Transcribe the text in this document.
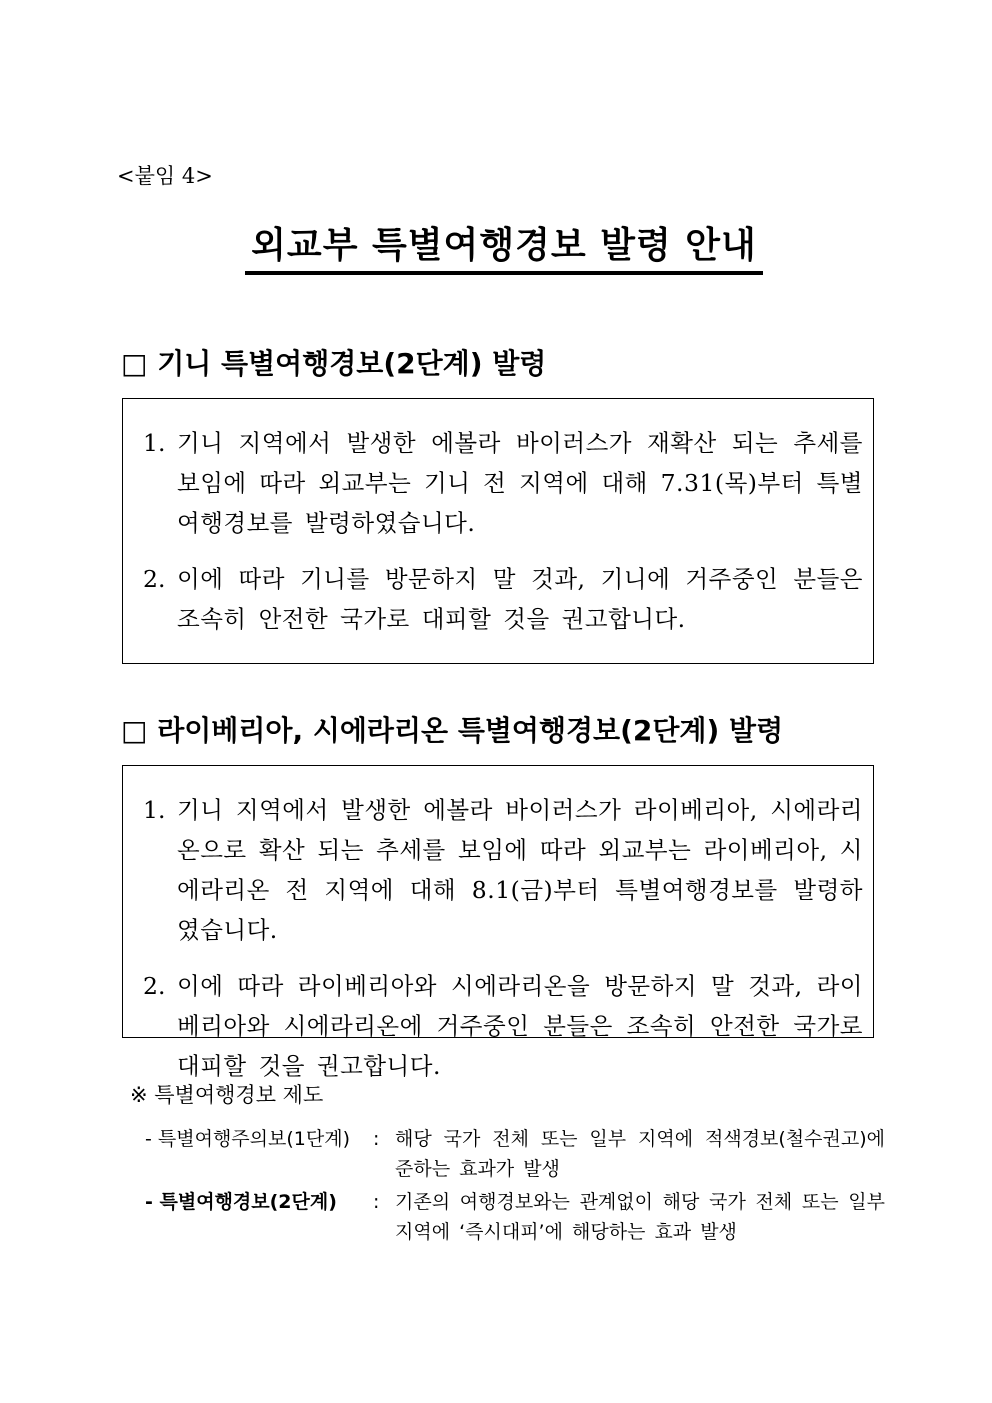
<붙임 4>
외교부 특별여행경보 발령 안내
□ 기니 특별여행경보(2단계) 발령
1. 기니 지역에서 발생한 에볼라 바이러스가 재확산 되는 추세를 보임에 따라 외교부는 기니 전 지역에 대해 7.31(목)부터 특별여행경보를 발령하였습니다.
2. 이에 따라 기니를 방문하지 말 것과, 기니에 거주중인 분들은 조속히 안전한 국가로 대피할 것을 권고합니다.
□ 라이베리아, 시에라리온 특별여행경보(2단계) 발령
1. 기니 지역에서 발생한 에볼라 바이러스가 라이베리아, 시에라리온으로 확산 되는 추세를 보임에 따라 외교부는 라이베리아, 시에라리온 전 지역에 대해 8.1(금)부터 특별여행경보를 발령하였습니다.
2. 이에 따라 라이베리아와 시에라리온을 방문하지 말 것과, 라이베리아와 시에라리온에 거주중인 분들은 조속히 안전한 국가로 대피할 것을 권고합니다.
※ 특별여행경보 제도
- 특별여행주의보(1단계)	: 해당 국가 전체 또는 일부 지역에 적색경보(철수권고)에 준하는 효과가 발생
- 특별여행경보(2단계)	: 기존의 여행경보와는 관계없이 해당 국가 전체 또는 일부 지역에 ‘즉시대피’에 해당하는 효과 발생
